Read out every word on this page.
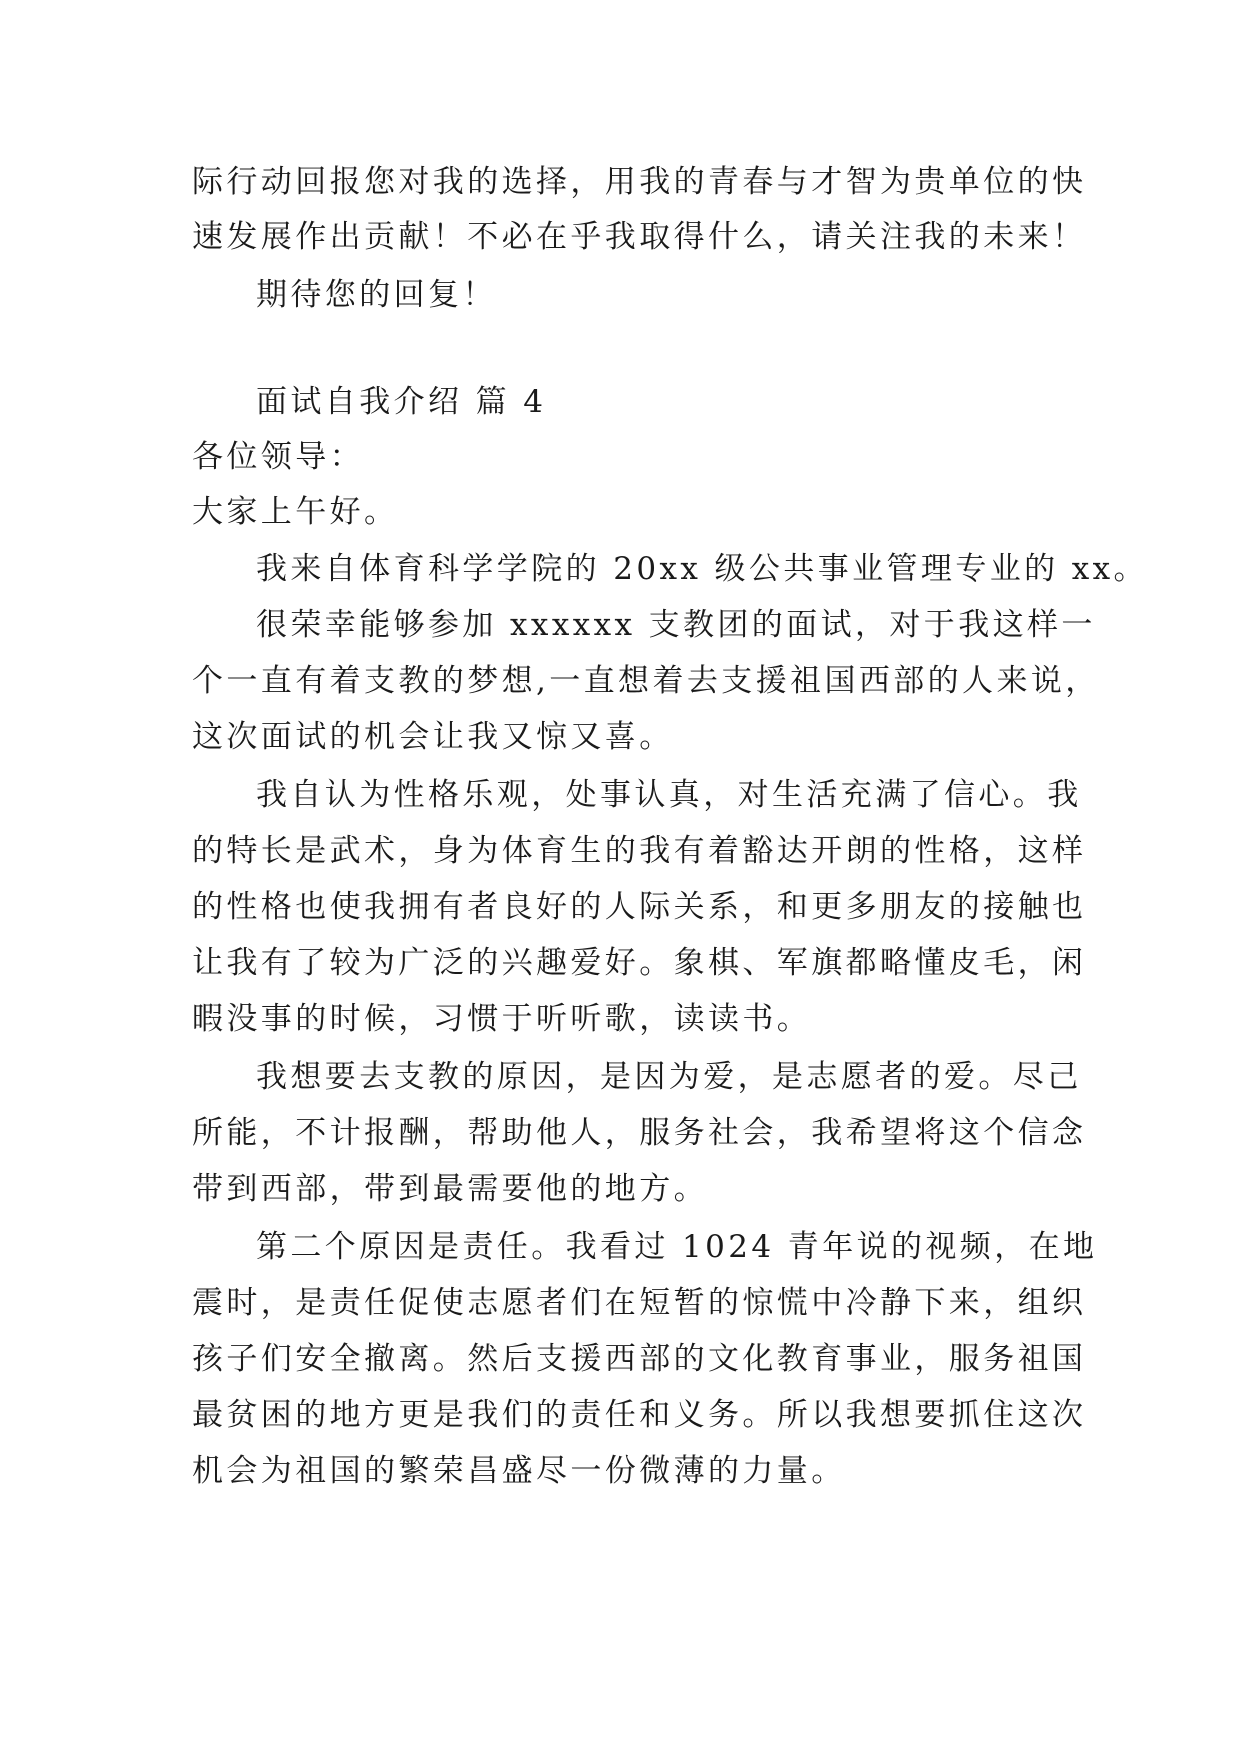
际行动回报您对我的选择，用我的青春与才智为贵单位的快
速发展作出贡献！不必在乎我取得什么，请关注我的未来！
期待您的回复！
面试自我介绍 篇 4
各位领导：
大家上午好。
我来自体育科学学院的 20xx 级公共事业管理专业的 xx。
很荣幸能够参加 xxxxxx 支教团的面试，对于我这样一
个一直有着支教的梦想,一直想着去支援祖国西部的人来说，
这次面试的机会让我又惊又喜。
我自认为性格乐观，处事认真，对生活充满了信心。我
的特长是武术，身为体育生的我有着豁达开朗的性格，这样
的性格也使我拥有者良好的人际关系，和更多朋友的接触也
让我有了较为广泛的兴趣爱好。象棋、军旗都略懂皮毛，闲
暇没事的时候，习惯于听听歌，读读书。
我想要去支教的原因，是因为爱，是志愿者的爱。尽己
所能，不计报酬，帮助他人，服务社会，我希望将这个信念
带到西部，带到最需要他的地方。
第二个原因是责任。我看过 1024 青年说的视频，在地
震时，是责任促使志愿者们在短暂的惊慌中冷静下来，组织
孩子们安全撤离。然后支援西部的文化教育事业，服务祖国
最贫困的地方更是我们的责任和义务。所以我想要抓住这次
机会为祖国的繁荣昌盛尽一份微薄的力量。
